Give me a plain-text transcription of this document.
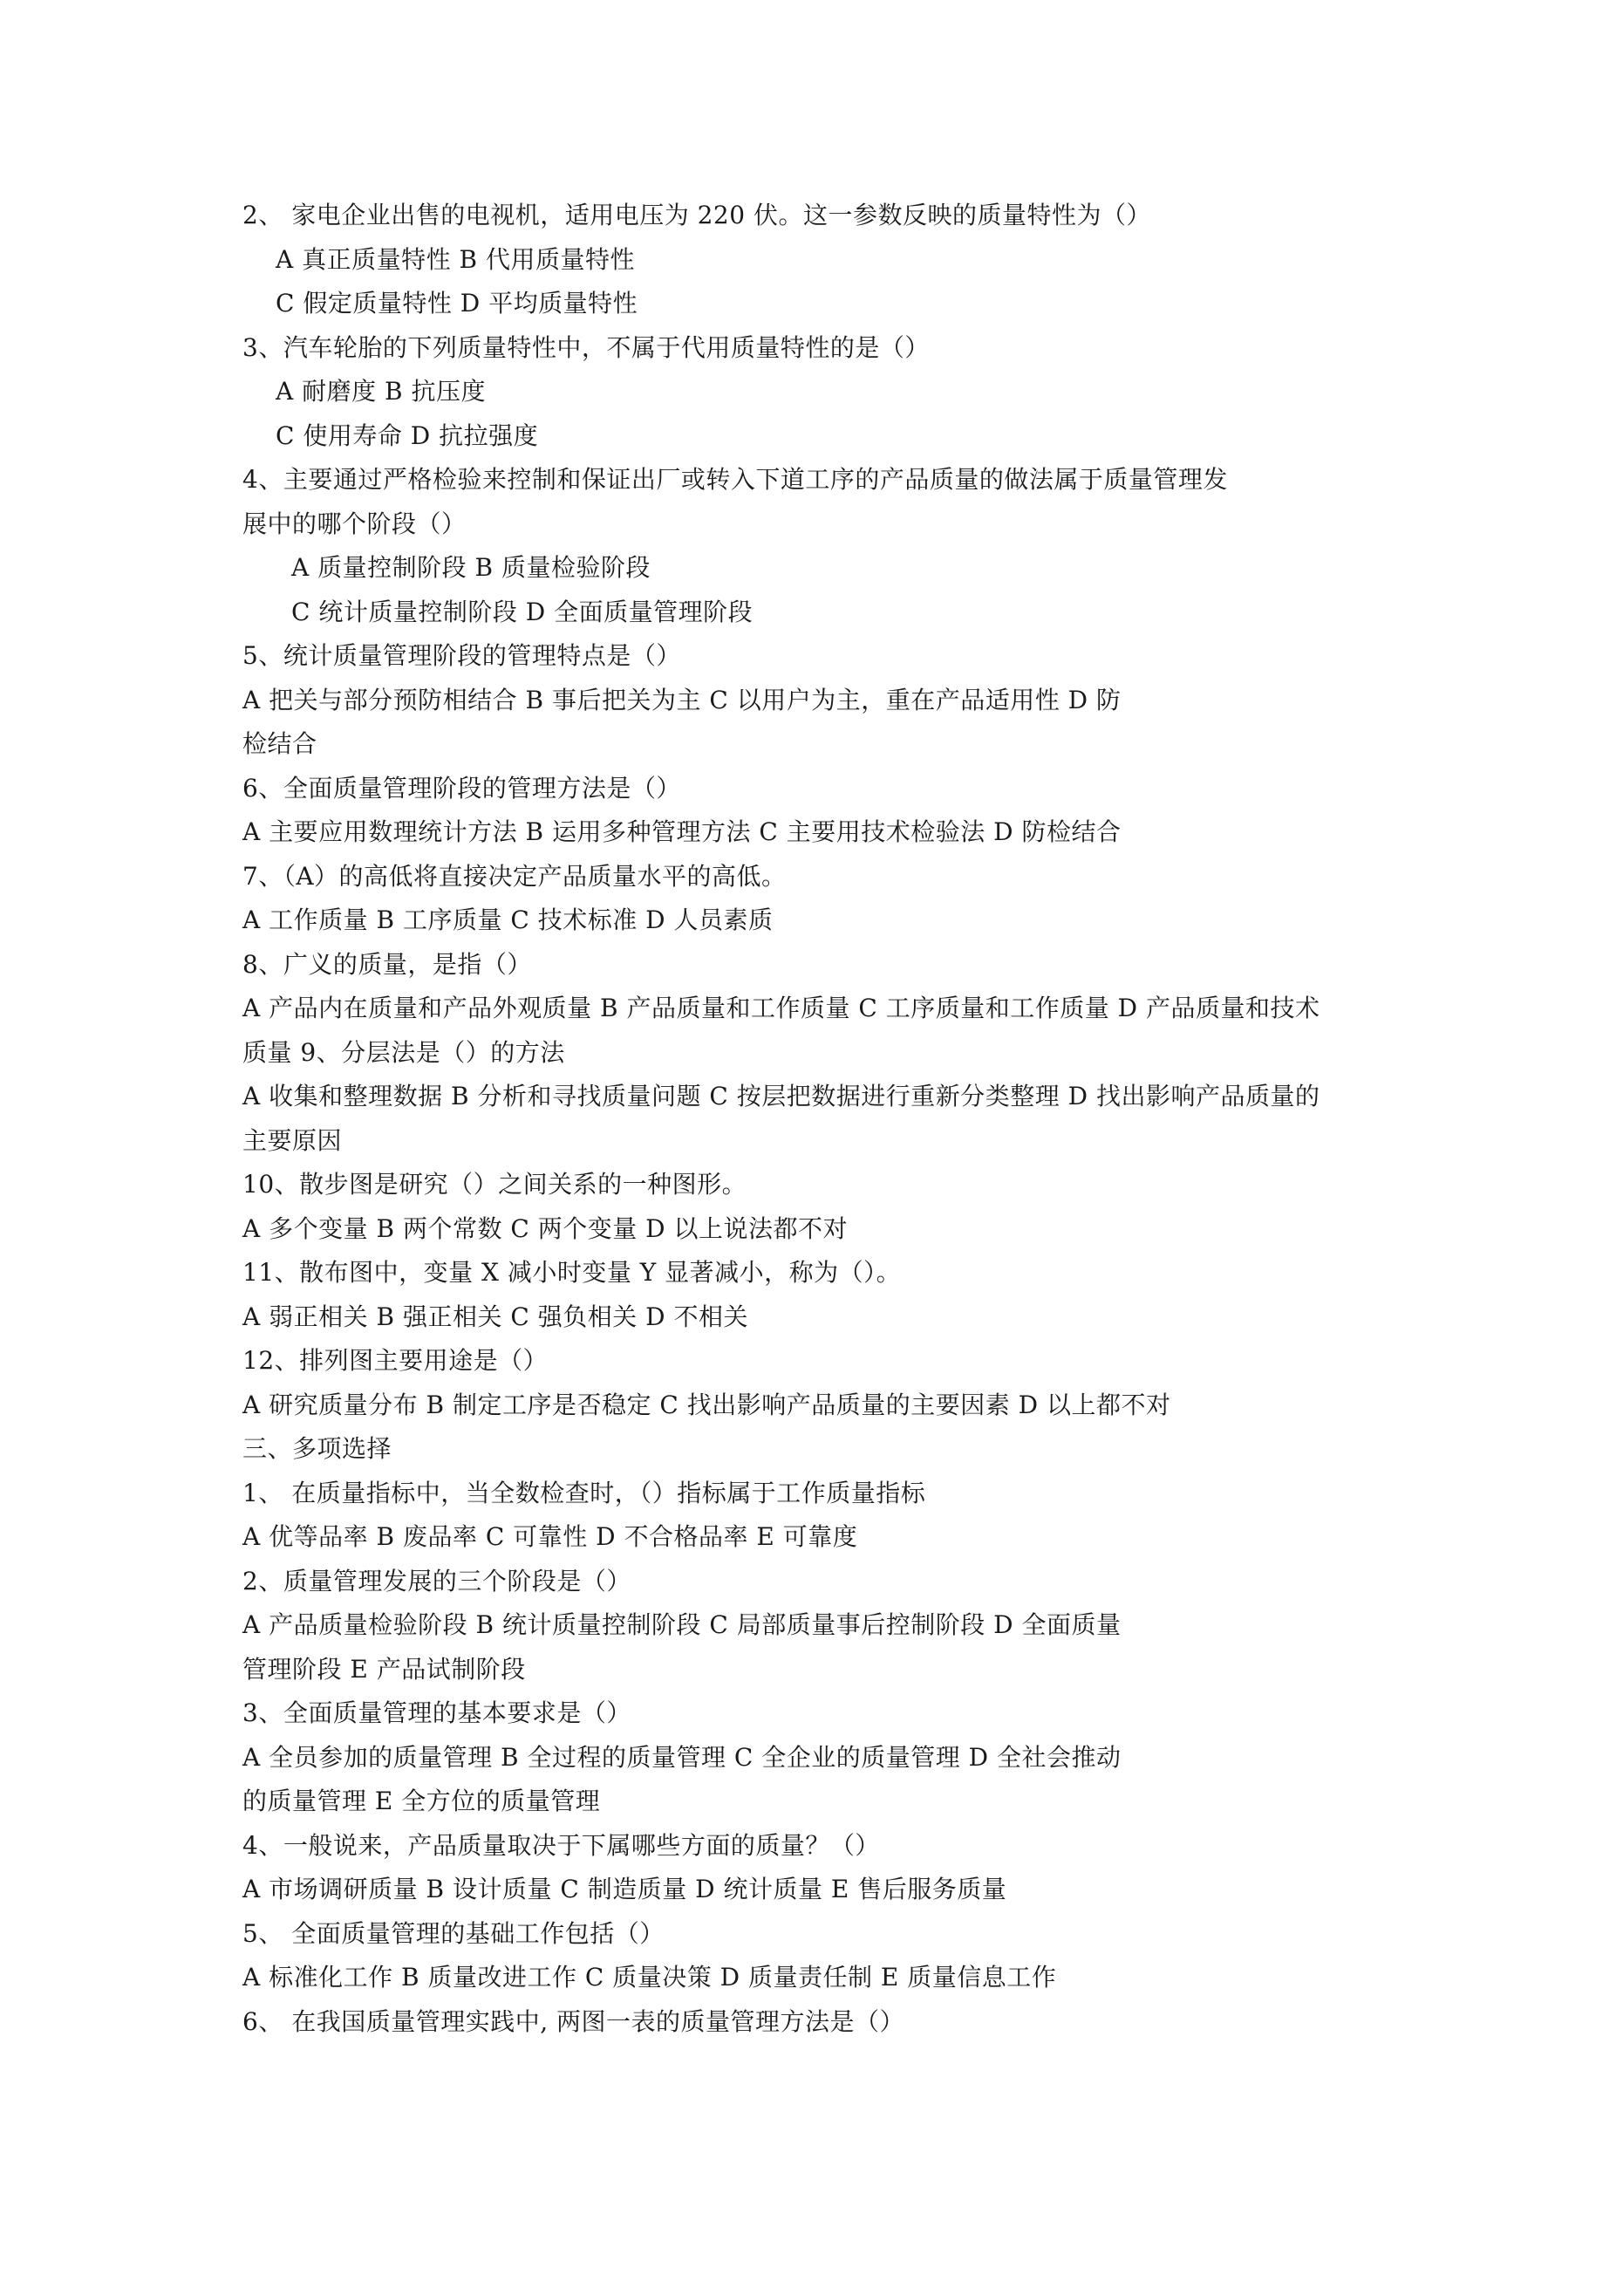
2、 家电企业出售的电视机，适用电压为 220 伏。这一参数反映的质量特性为（）
A 真正质量特性 B 代用质量特性
C 假定质量特性 D 平均质量特性
3、汽车轮胎的下列质量特性中，不属于代用质量特性的是（）
A 耐磨度 B 抗压度
C 使用寿命 D 抗拉强度
4、主要通过严格检验来控制和保证出厂或转入下道工序的产品质量的做法属于质量管理发
展中的哪个阶段（）
A 质量控制阶段 B 质量检验阶段
C 统计质量控制阶段 D 全面质量管理阶段
5、统计质量管理阶段的管理特点是（）
A 把关与部分预防相结合 B 事后把关为主 C 以用户为主，重在产品适用性 D 防
检结合
6、全面质量管理阶段的管理方法是（）
A 主要应用数理统计方法 B 运用多种管理方法 C 主要用技术检验法 D 防检结合
7、（A）的高低将直接决定产品质量水平的高低。
A 工作质量 B 工序质量 C 技术标准 D 人员素质
8、广义的质量，是指（）
A 产品内在质量和产品外观质量 B 产品质量和工作质量 C 工序质量和工作质量 D 产品质量和技术
质量 9、分层法是（）的方法
A 收集和整理数据 B 分析和寻找质量问题 C 按层把数据进行重新分类整理 D 找出影响产品质量的
主要原因
10、散步图是研究（）之间关系的一种图形。
A 多个变量 B 两个常数 C 两个变量 D 以上说法都不对
11、散布图中，变量 X 减小时变量 Y 显著减小，称为（）。
A 弱正相关 B 强正相关 C 强负相关 D 不相关
12、排列图主要用途是（）
A 研究质量分布 B 制定工序是否稳定 C 找出影响产品质量的主要因素 D 以上都不对
三、多项选择
1、 在质量指标中，当全数检查时，（）指标属于工作质量指标
A 优等品率 B 废品率 C 可靠性 D 不合格品率 E 可靠度
2、质量管理发展的三个阶段是（）
A 产品质量检验阶段 B 统计质量控制阶段 C 局部质量事后控制阶段 D 全面质量
管理阶段 E 产品试制阶段
3、全面质量管理的基本要求是（）
A 全员参加的质量管理 B 全过程的质量管理 C 全企业的质量管理 D 全社会推动
的质量管理 E 全方位的质量管理
4、一般说来，产品质量取决于下属哪些方面的质量？（）
A 市场调研质量 B 设计质量 C 制造质量 D 统计质量 E 售后服务质量
5、 全面质量管理的基础工作包括（）
A 标准化工作 B 质量改进工作 C 质量决策 D 质量责任制 E 质量信息工作
6、 在我国质量管理实践中, 两图一表的质量管理方法是（）
